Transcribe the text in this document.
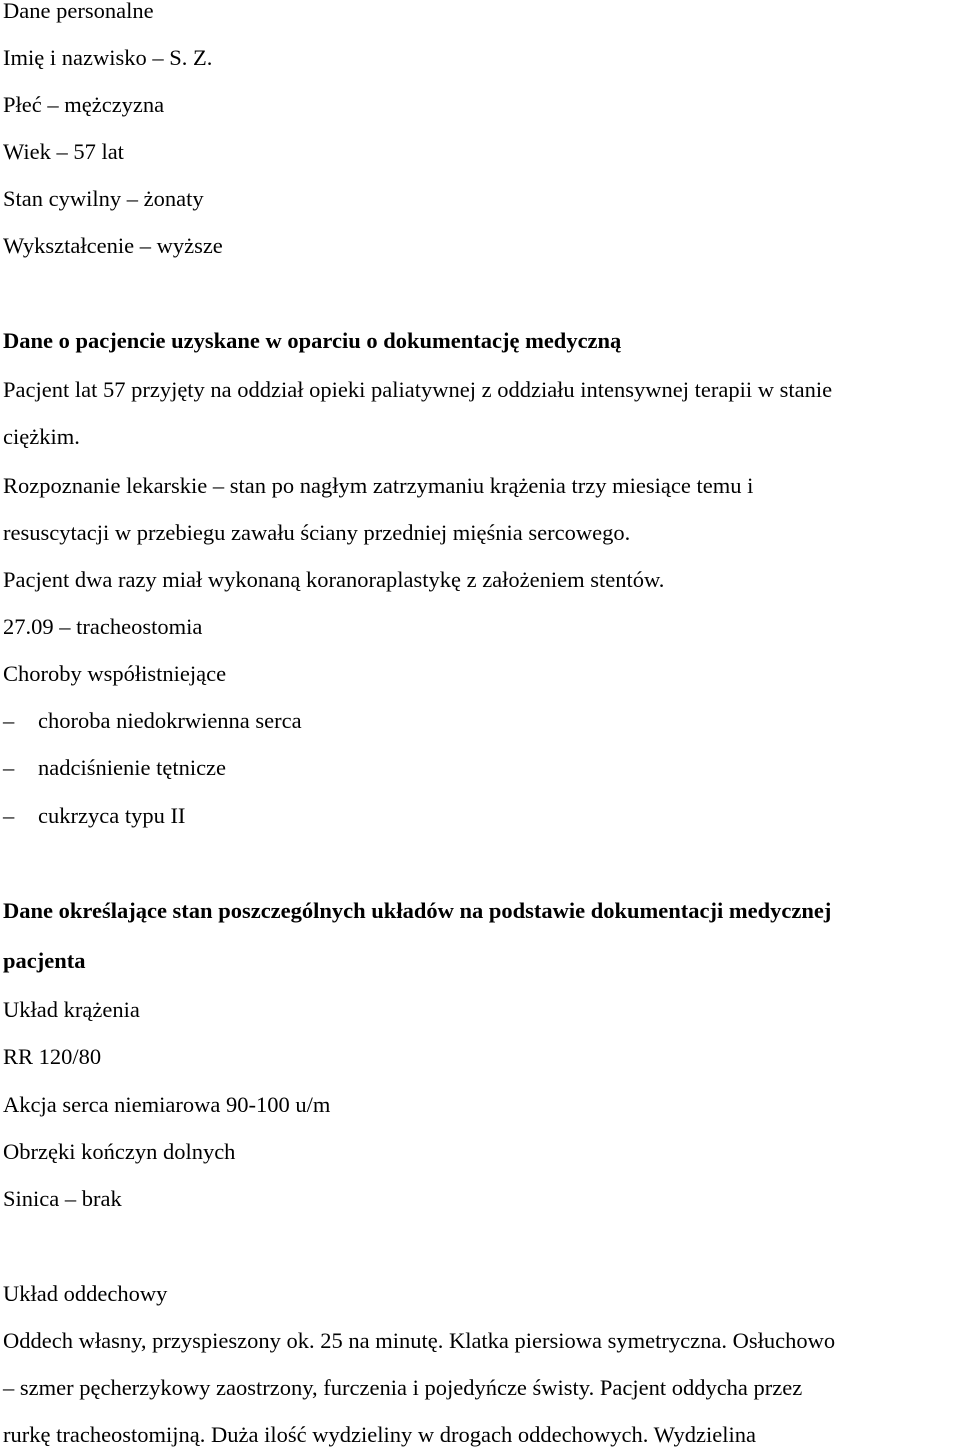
Dane personalne
Imię i nazwisko – S. Z.
Płeć – mężczyzna
Wiek – 57 lat
Stan cywilny – żonaty
Wykształcenie – wyższe
Dane o pacjencie uzyskane w oparciu o dokumentację medyczną
Pacjent lat 57 przyjęty na oddział opieki paliatywnej z oddziału intensywnej terapii w stanie
ciężkim.
Rozpoznanie lekarskie – stan po nagłym zatrzymaniu krążenia trzy miesiące temu i
resuscytacji w przebiegu zawału ściany przedniej mięśnia sercowego.
Pacjent dwa razy miał wykonaną koranoraplastykę z założeniem stentów.
27.09 – tracheostomia
Choroby współistniejące
– choroba niedokrwienna serca
– nadciśnienie tętnicze
– cukrzyca typu II
Dane określające stan poszczególnych układów na podstawie dokumentacji medycznej
pacjenta
Układ krążenia
RR 120/80
Akcja serca niemiarowa 90-100 u/m
Obrzęki kończyn dolnych
Sinica – brak
Układ oddechowy
Oddech własny, przyspieszony ok. 25 na minutę. Klatka piersiowa symetryczna. Osłuchowo
– szmer pęcherzykowy zaostrzony, furczenia i pojedyńcze świsty. Pacjent oddycha przez
rurkę tracheostomijną. Duża ilość wydzieliny w drogach oddechowych. Wydzielina
